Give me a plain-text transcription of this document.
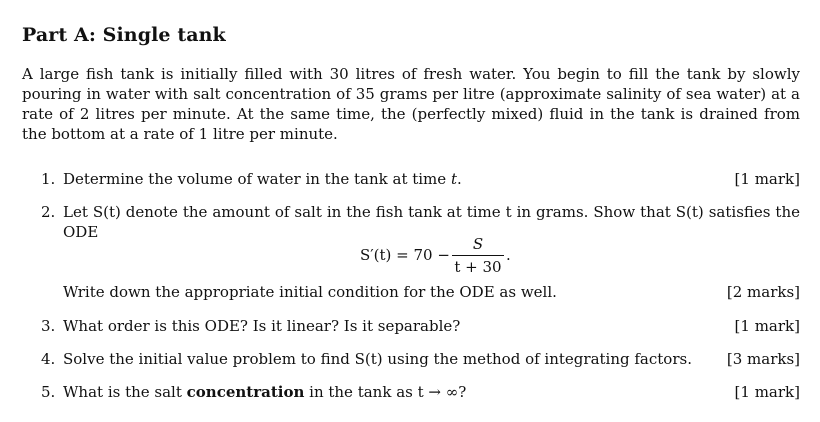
Part A: Single tank
A large fish tank is initially filled with 30 litres of fresh water. You begin to fill the tank by slowly pouring in water with salt concentration of 35 grams per litre (approximate salinity of sea water) at a rate of 2 litres per minute. At the same time, the (perfectly mixed) fluid in the tank is drained from the bottom at a rate of 1 litre per minute.
1. Determine the volume of water in the tank at time t.	[1 mark]
2. Let S(t) denote the amount of salt in the fish tank at time t in grams. Show that S(t) satisfies the ODE
S′(t) = 70 −
S
t + 30
.
Write down the appropriate initial condition for the ODE as well.	[2 marks]
3. What order is this ODE? Is it linear? Is it separable?	[1 mark]
4. Solve the initial value problem to find S(t) using the method of integrating factors.	[3 marks]
5. What is the salt concentration in the tank as t → ∞?	[1 mark]
